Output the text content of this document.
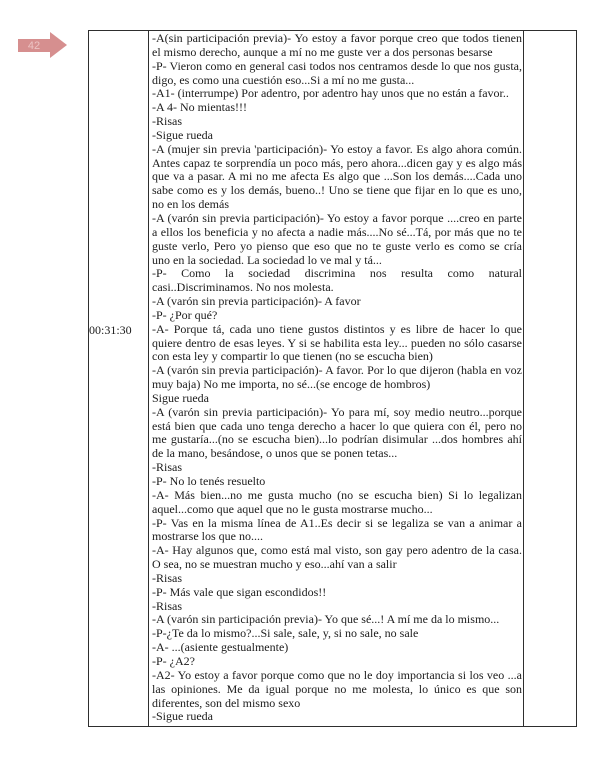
42
00:31:30
-A(sin participación previa)- Yo estoy a favor porque creo que todos tienen el mismo derecho, aunque a mí no me guste ver a dos personas besarse
-P- Vieron como en general casi todos nos centramos desde lo que nos gusta, digo, es como una cuestión eso...Si a mí no me gusta...
-A1- (interrumpe) Por adentro, por adentro hay unos que no están a favor..
-A 4- No mientas!!!
-Risas
-Sigue rueda
-A (mujer sin previa 'participación)- Yo estoy a favor. Es algo ahora común. Antes capaz te sorprendía un poco más, pero ahora...dicen gay y es algo más que va a pasar. A mi no me afecta Es algo que ...Son los demás....Cada uno sabe como es y los demás, bueno..! Uno se tiene que fijar en lo que es uno, no en los demás
-A (varón sin previa participación)- Yo estoy a favor porque ....creo en parte a ellos los beneficia y no afecta a nadie más....No sé...Tá, por más que no te guste verlo, Pero yo pienso que eso que no te guste verlo es como se cría uno en la sociedad. La sociedad lo ve mal y tá...
-P- Como la sociedad discrimina nos resulta como natural casi..Discriminamos. No nos molesta.
-A (varón sin previa participación)- A favor
-P- ¿Por qué?
-A- Porque tá, cada uno tiene gustos distintos y es libre de hacer lo que quiere dentro de esas leyes. Y si se habilita esta ley... pueden no sólo casarse con esta ley y compartir lo que tienen (no se escucha bien)
-A (varón sin previa participación)- A favor. Por lo que dijeron (habla en voz muy baja) No me importa, no sé...(se encoge de hombros)
Sigue rueda
-A (varón sin previa participación)- Yo para mí, soy medio neutro...porque está bien que cada uno tenga derecho a hacer lo que quiera con él, pero no me gustaría...(no se escucha bien)...lo podrían disimular ...dos hombres ahí de la mano, besándose, o unos que se ponen tetas...
-Risas
-P- No lo tenés resuelto
-A- Más bien...no me gusta mucho (no se escucha bien) Si lo legalizan aquel...como que aquel que no le gusta mostrarse mucho...
-P- Vas en la misma línea de A1..Es decir si se legaliza se van a animar a mostrarse los que no....
-A- Hay algunos que, como está mal visto, son gay pero adentro de la casa. O sea, no se muestran mucho y eso...ahí van a salir
-Risas
-P- Más vale que sigan escondidos!!
-Risas
-A (varón sin participación previa)- Yo que sé...! A mí me da lo mismo...
-P-¿Te da lo mismo?...Si sale, sale, y, si no sale, no sale
-A- ...(asiente gestualmente)
-P- ¿A2?
-A2- Yo estoy a favor porque como que no le doy importancia si los veo ...a las opiniones. Me da igual porque no me molesta, lo único es que son diferentes, son del mismo sexo
-Sigue rueda
